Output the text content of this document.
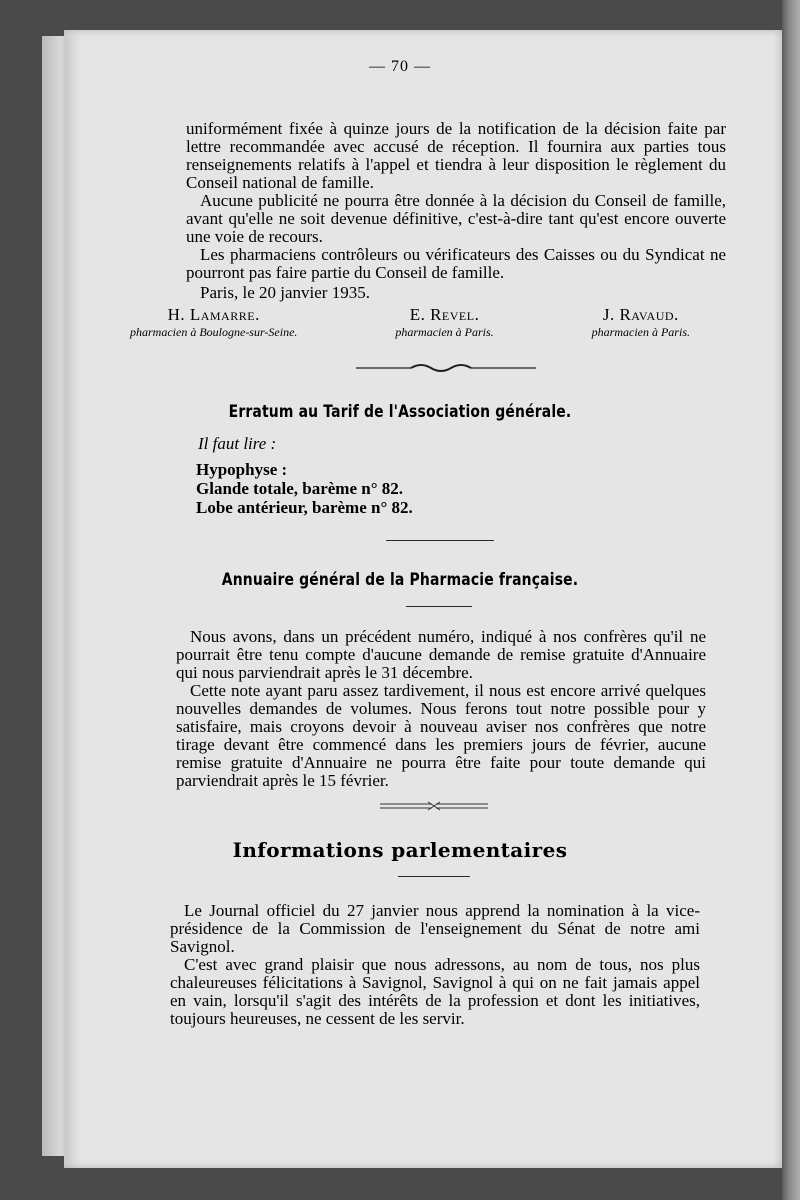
— 70 —

uniformément fixée à quinze jours de la notification de la décision faite par lettre recommandée avec accusé de réception. Il fournira aux parties tous renseignements relatifs à l'appel et tiendra à leur disposition le règlement du Conseil national de famille.

Aucune publicité ne pourra être donnée à la décision du Conseil de famille, avant qu'elle ne soit devenue définitive, c'est-à-dire tant qu'est encore ouverte une voie de recours.

Les pharmaciens contrôleurs ou vérificateurs des Caisses ou du Syndicat ne pourront pas faire partie du Conseil de famille.

Paris, le 20 janvier 1935.
H. Lamarre.
pharmacien à Boulogne-sur-Seine.
E. Revel.
pharmacien à Paris.
J. Ravaud.
pharmacien à Paris.
Erratum au Tarif de l'Association générale.
Il faut lire :
Hypophyse :
Glande totale, barème n° 82.
Lobe antérieur, barème n° 82.
Annuaire général de la Pharmacie française.

Nous avons, dans un précédent numéro, indiqué à nos confrères qu'il ne pourrait être tenu compte d'aucune demande de remise gratuite d'Annuaire qui nous parviendrait après le 31 décembre.

Cette note ayant paru assez tardivement, il nous est encore arrivé quelques nouvelles demandes de volumes. Nous ferons tout notre possible pour y satisfaire, mais croyons devoir à nouveau aviser nos confrères que notre tirage devant être commencé dans les premiers jours de février, aucune remise gratuite d'Annuaire ne pourra être faite pour toute demande qui parviendrait après le 15 février.

Informations parlementaires

Le Journal officiel du 27 janvier nous apprend la nomination à la vice-présidence de la Commission de l'enseignement du Sénat de notre ami Savignol.

C'est avec grand plaisir que nous adressons, au nom de tous, nos plus chaleureuses félicitations à Savignol, Savignol à qui on ne fait jamais appel en vain, lorsqu'il s'agit des intérêts de la profession et dont les initiatives, toujours heureuses, ne cessent de les servir.
